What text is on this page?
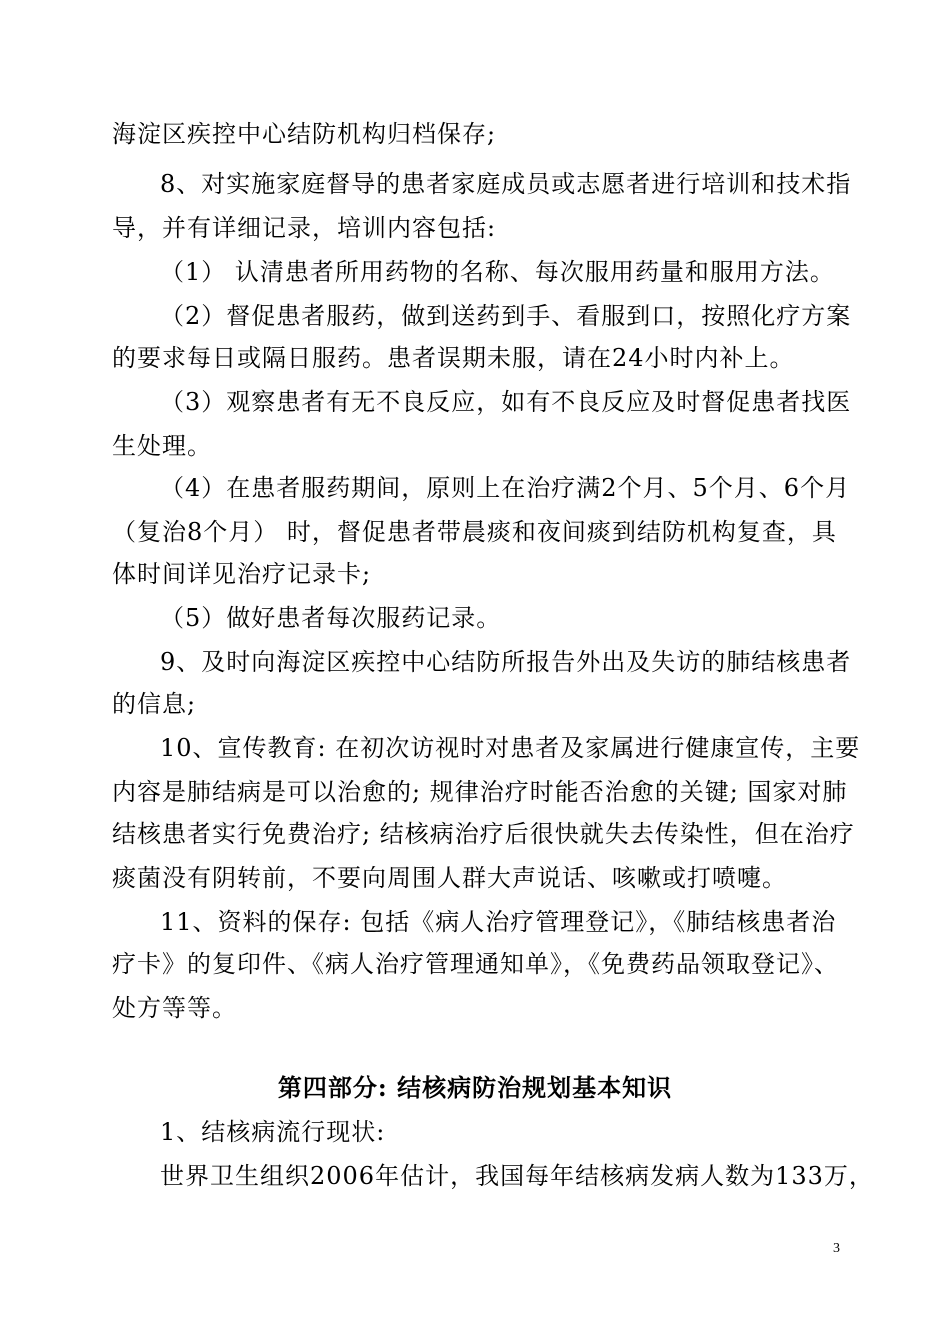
海淀区疾控中心结防机构归档保存;
8、对实施家庭督导的患者家庭成员或志愿者进行培训和技术指
导，并有详细记录，培训内容包括:
（1） 认清患者所用药物的名称、每次服用药量和服用方法。
（2）督促患者服药，做到送药到手、看服到口，按照化疗方案
的要求每日或隔日服药。患者误期未服，请在24小时内补上。
（3）观察患者有无不良反应，如有不良反应及时督促患者找医
生处理。
（4）在患者服药期间，原则上在治疗满2个月、5个月、6个月
（复治8个月） 时，督促患者带晨痰和夜间痰到结防机构复查，具
体时间详见治疗记录卡;
（5）做好患者每次服药记录。
9、及时向海淀区疾控中心结防所报告外出及失访的肺结核患者
的信息;
10、宣传教育: 在初次访视时对患者及家属进行健康宣传，主要
内容是肺结病是可以治愈的; 规律治疗时能否治愈的关键; 国家对肺
结核患者实行免费治疗; 结核病治疗后很快就失去传染性，但在治疗
痰菌没有阴转前，不要向周围人群大声说话、咳嗽或打喷嚏。
11、资料的保存: 包括《病人治疗管理登记》，《肺结核患者治
疗卡》的复印件、《病人治疗管理通知单》，《免费药品领取登记》、
处方等等。
第四部分: 结核病防治规划基本知识
1、结核病流行现状:
世界卫生组织2006年估计，我国每年结核病发病人数为133万，
3
